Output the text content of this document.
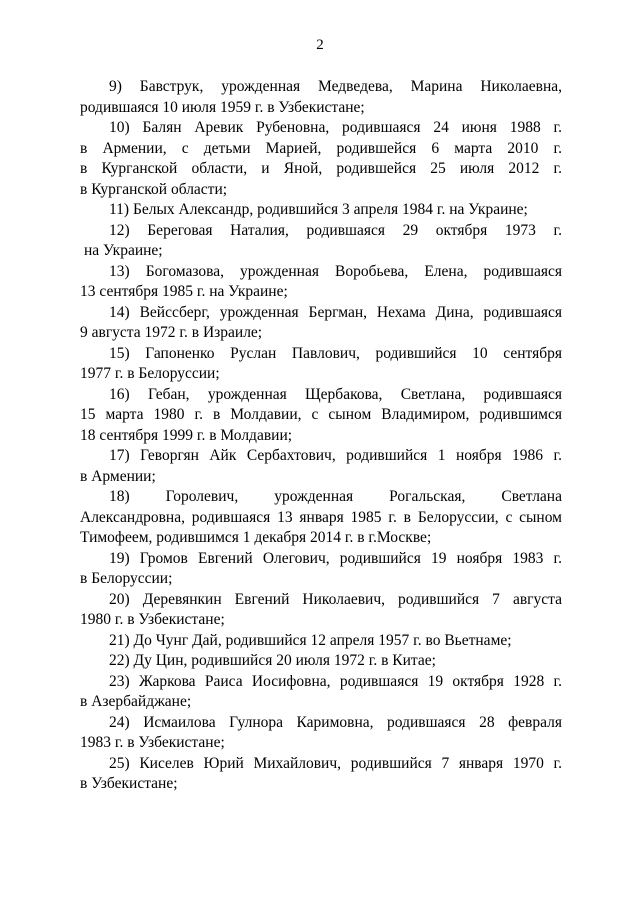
2
9) Бавструк, урожденная Медведева, Марина Николаевна,
родившаяся 10 июля 1959 г. в Узбекистане;
10) Балян Аревик Рубеновна, родившаяся 24 июня 1988 г.
в Армении, с детьми Марией, родившейся 6 марта 2010 г.
в Курганской области, и Яной, родившейся 25 июля 2012 г.
в Курганской области;
11) Белых Александр, родившийся 3 апреля 1984 г. на Украине;
12) Береговая Наталия, родившаяся 29 октября 1973 г.
на Украине;
13) Богомазова, урожденная Воробьева, Елена, родившаяся
13 сентября 1985 г. на Украине;
14) Вейссберг, урожденная Бергман, Нехама Дина, родившаяся
9 августа 1972 г. в Израиле;
15) Гапоненко Руслан Павлович, родившийся 10 сентября
1977 г. в Белоруссии;
16) Гебан, урожденная Щербакова, Светлана, родившаяся
15 марта 1980 г. в Молдавии, с сыном Владимиром, родившимся
18 сентября 1999 г. в Молдавии;
17) Геворгян Айк Сербахтович, родившийся 1 ноября 1986 г.
в Армении;
18) Горолевич, урожденная Рогальская, Светлана
Александровна, родившаяся 13 января 1985 г. в Белоруссии, с сыном
Тимофеем, родившимся 1 декабря 2014 г. в г.Москве;
19) Громов Евгений Олегович, родившийся 19 ноября 1983 г.
в Белоруссии;
20) Деревянкин Евгений Николаевич, родившийся 7 августа
1980 г. в Узбекистане;
21) До Чунг Дай, родившийся 12 апреля 1957 г. во Вьетнаме;
22) Ду Цин, родившийся 20 июля 1972 г. в Китае;
23) Жаркова Раиса Иосифовна, родившаяся 19 октября 1928 г.
в Азербайджане;
24) Исмаилова Гулнора Каримовна, родившаяся 28 февраля
1983 г. в Узбекистане;
25) Киселев Юрий Михайлович, родившийся 7 января 1970 г.
в Узбекистане;
